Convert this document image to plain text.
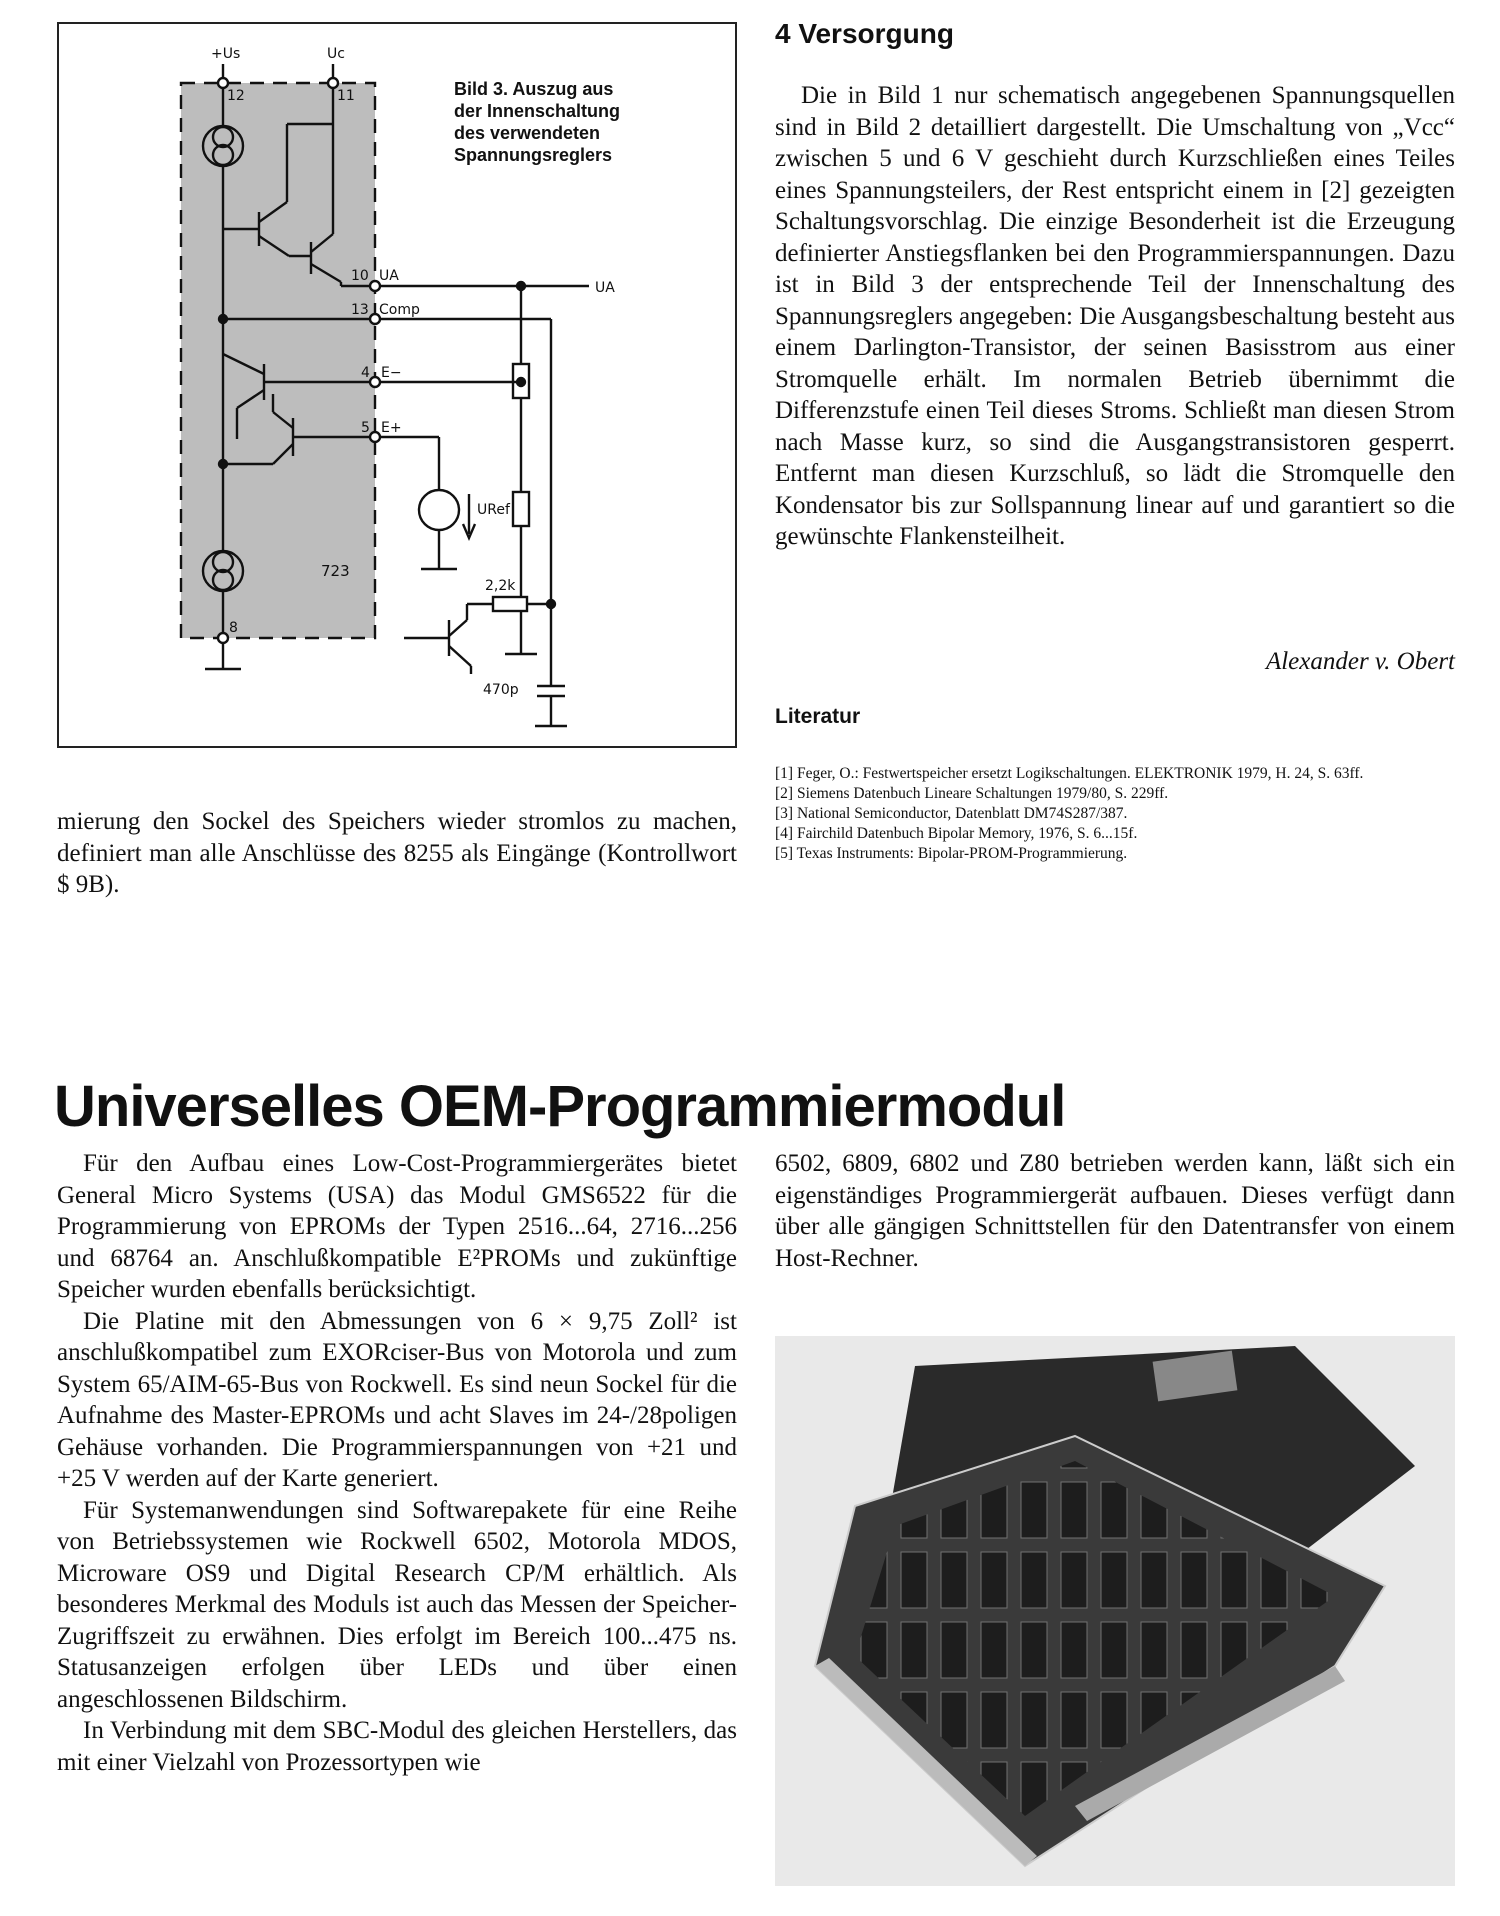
+Us	Uc
12	11
10 UA
13 Comp
4 E−
5 E+
8
UA
URef
723
2,2k
470p
Bild 3. Auszug aus
der Innenschaltung
des verwendeten
Spannungsreglers

mierung den Sockel des Speichers wieder stromlos zu machen, definiert man alle Anschlüsse des 8255 als Eingänge (Kontrollwort $ 9B).

4 Versorgung

Die in Bild 1 nur schematisch angegebenen Spannungsquellen sind in Bild 2 detailliert dargestellt. Die Umschaltung von „Vcc“ zwischen 5 und 6 V geschieht durch Kurzschließen eines Teiles eines Spannungsteilers, der Rest entspricht einem in [2] gezeigten Schaltungsvorschlag. Die einzige Besonderheit ist die Erzeugung definierter Anstiegsflanken bei den Programmierspannungen. Dazu ist in Bild 3 der entsprechende Teil der Innenschaltung des Spannungsreglers angegeben: Die Ausgangsbeschaltung besteht aus einem Darlington-Transistor, der seinen Basisstrom aus einer Stromquelle erhält. Im normalen Betrieb übernimmt die Differenzstufe einen Teil dieses Stroms. Schließt man diesen Strom nach Masse kurz, so sind die Ausgangstransistoren gesperrt. Entfernt man diesen Kurzschluß, so lädt die Stromquelle den Kondensator bis zur Sollspannung linear auf und garantiert so die gewünschte Flankensteilheit.

Alexander v. Obert
Literatur
[1] Feger, O.: Festwertspeicher ersetzt Logikschaltungen. ELEKTRONIK 1979, H. 24, S. 63ff.
[2] Siemens Datenbuch Lineare Schaltungen 1979/80, S. 229ff.
[3] National Semiconductor, Datenblatt DM74S287/387.
[4] Fairchild Datenbuch Bipolar Memory, 1976, S. 6...15f.
[5] Texas Instruments: Bipolar-PROM-Programmierung.
Universelles OEM-Programmiermodul

Für den Aufbau eines Low-Cost-Programmiergerätes bietet General Micro Systems (USA) das Modul GMS6522 für die Programmierung von EPROMs der Typen 2516...64, 2716...256 und 68764 an. Anschlußkompatible E²PROMs und zukünftige Speicher wurden ebenfalls berücksichtigt.

Die Platine mit den Abmessungen von 6 × 9,75 Zoll² ist anschlußkompatibel zum EXORciser-Bus von Motorola und zum System 65/AIM-65-Bus von Rockwell. Es sind neun Sockel für die Aufnahme des Master-EPROMs und acht Slaves im 24-/28poligen Gehäuse vorhanden. Die Programmierspannungen von +21 und +25 V werden auf der Karte generiert.

Für Systemanwendungen sind Softwarepakete für eine Reihe von Betriebssystemen wie Rockwell 6502, Motorola MDOS, Microware OS9 und Digital Research CP/M erhältlich. Als besonderes Merkmal des Moduls ist auch das Messen der Speicher-Zugriffszeit zu erwähnen. Dies erfolgt im Bereich 100...475 ns. Statusanzeigen erfolgen über LEDs und über einen angeschlossenen Bildschirm.

In Verbindung mit dem SBC-Modul des gleichen Herstellers, das mit einer Vielzahl von Prozessortypen wie

6502, 6809, 6802 und Z80 betrieben werden kann, läßt sich ein eigenständiges Programmiergerät aufbauen. Dieses verfügt dann über alle gängigen Schnittstellen für den Datentransfer von einem Host-Rechner.
